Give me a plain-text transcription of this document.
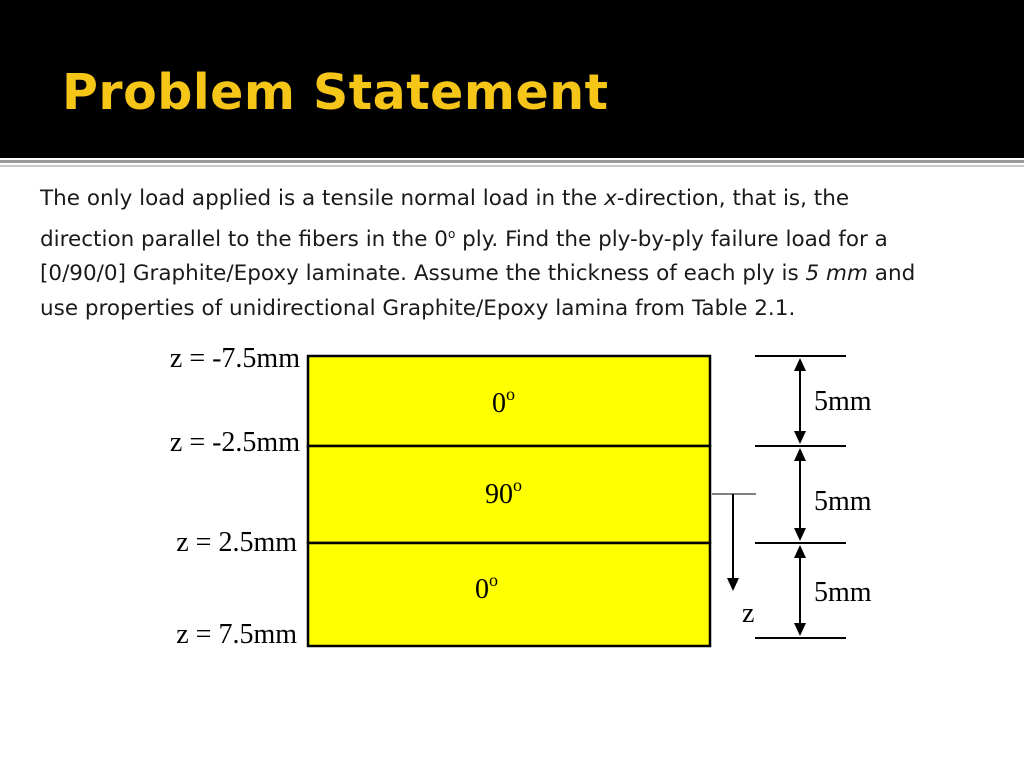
Problem Statement
The only load applied is a tensile normal load in the x-direction, that is, the
direction parallel to the fibers in the 0$^o$ ply. Find the ply-by-ply failure load for a
[0/90/0] Graphite/Epoxy laminate. Assume the thickness of each ply is 5 mm and
use properties of unidirectional Graphite/Epoxy lamina from Table 2.1.
0$^o$
90$^o$
0$^o$
z = -7.5mm
z = -2.5mm
z = 2.5mm
z = 7.5mm
z
5mm
5mm
5mm
